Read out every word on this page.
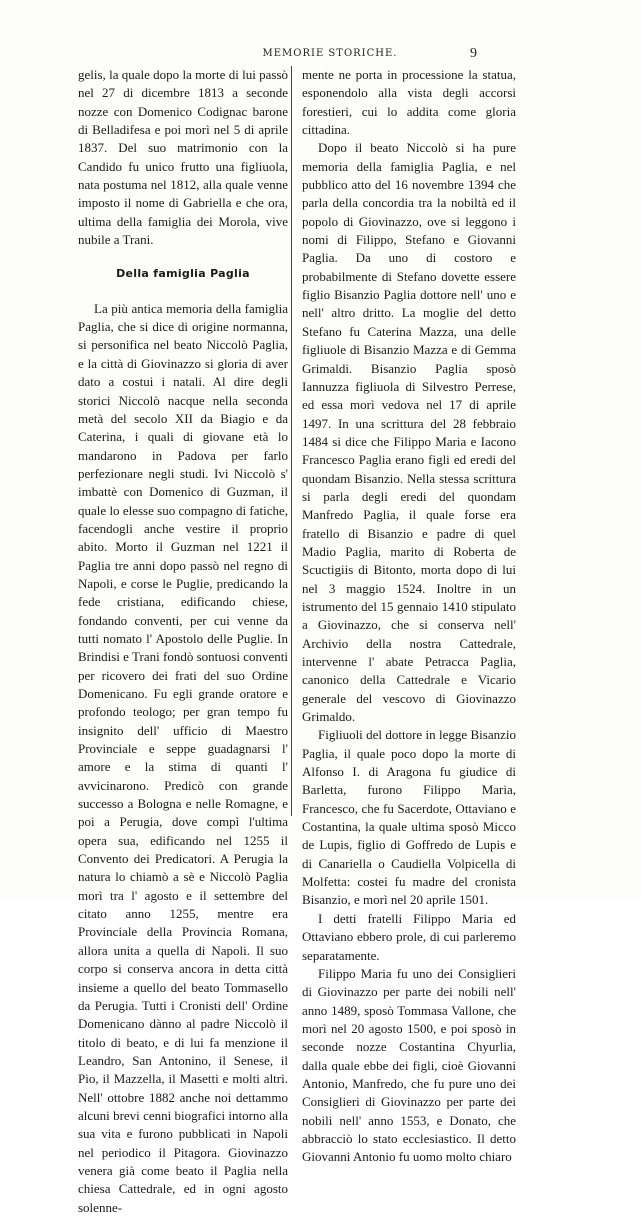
MEMORIE STORICHE.	9

gelis, la quale dopo la morte di lui passò nel 27 di dicembre 1813 a seconde nozze con Domenico Codignac barone di Belladifesa e poi morì nel 5 di aprile 1837. Del suo matrimonio con la Candido fu unico frutto una figliuola, nata postuma nel 1812, alla quale venne imposto il nome di Gabriella e che ora, ultima della famiglia dei Morola, vive nubile a Trani.

Della famiglia Paglia

La più antica memoria della famiglia Paglia, che si dice di origine normanna, si personifica nel beato Niccolò Paglia, e la città di Giovinazzo si gloria di aver dato a costui i natali. Al dire degli storici Niccolò nacque nella seconda metà del secolo XII da Biagio e da Caterina, i quali di giovane età lo mandarono in Padova per farlo perfezionare negli studi. Ivi Niccolò s' imbattè con Domenico di Guzman, il quale lo elesse suo compagno di fatiche, facendogli anche vestire il proprio abito. Morto il Guzman nel 1221 il Paglia tre anni dopo passò nel regno di Napoli, e corse le Puglie, predicando la fede cristiana, edificando chiese, fondando conventi, per cui venne da tutti nomato l' Apostolo delle Puglie. In Brindisi e Trani fondò sontuosi conventi per ricovero dei frati del suo Ordine Domenicano. Fu egli grande oratore e profondo teologo; per gran tempo fu insignito dell' ufficio di Maestro Provinciale e seppe guadagnarsi l' amore e la stima di quanti l' avvicinarono. Predicò con grande successo a Bologna e nelle Romagne, e poi a Perugia, dove compì l'ultima opera sua, edificando nel 1255 il Convento dei Predicatori. A Perugia la natura lo chiamò a sè e Niccolò Paglia morì tra l' agosto e il settembre del citato anno 1255, mentre era Provinciale della Provincia Romana, allora unita a quella di Napoli. Il suo corpo si conserva ancora in detta città insieme a quello del beato Tommasello da Perugia. Tutti i Cronisti dell' Ordine Domenicano dànno al padre Niccolò il titolo di beato, e di lui fa menzione il Leandro, San Antonino, il Senese, il Pio, il Mazzella, il Masetti e molti altri. Nell' ottobre 1882 anche noi dettammo alcuni brevi cenni biografici intorno alla sua vita e furono pubblicati in Napoli nel periodico il Pitagora. Giovinazzo venera già come beato il Paglia nella chiesa Cattedrale, ed in ogni agosto solenne-

mente ne porta in processione la statua, esponendolo alla vista degli accorsi forestieri, cui lo addita come gloria cittadina.

Dopo il beato Niccolò si ha pure memoria della famiglia Paglia, e nel pubblico atto del 16 novembre 1394 che parla della concordia tra la nobiltà ed il popolo di Giovinazzo, ove si leggono i nomi di Filippo, Stefano e Giovanni Paglia. Da uno di costoro e probabilmente di Stefano dovette essere figlio Bisanzio Paglia dottore nell' uno e nell' altro dritto. La moglie del detto Stefano fu Caterina Mazza, una delle figliuole di Bisanzio Mazza e di Gemma Grimaldi. Bisanzio Paglia sposò Iannuzza figliuola di Silvestro Perrese, ed essa morì vedova nel 17 di aprile 1497. In una scrittura del 28 febbraio 1484 si dice che Filippo Maria e Iacono Francesco Paglia erano figli ed eredi del quondam Bisanzio. Nella stessa scrittura si parla degli eredi del quondam Manfredo Paglia, il quale forse era fratello di Bisanzio e padre di quel Madio Paglia, marito di Roberta de Scuctigiis di Bitonto, morta dopo di lui nel 3 maggio 1524. Inoltre in un istrumento del 15 gennaio 1410 stipulato a Giovinazzo, che si conserva nell' Archivio della nostra Cattedrale, intervenne l' abate Petracca Paglia, canonico della Cattedrale e Vicario generale del vescovo di Giovinazzo Grimaldo.

Figliuoli del dottore in legge Bisanzio Paglia, il quale poco dopo la morte di Alfonso I. di Aragona fu giudice di Barletta, furono Filippo Maria, Francesco, che fu Sacerdote, Ottaviano e Costantina, la quale ultima sposò Micco de Lupis, figlio di Goffredo de Lupis e di Canariella o Caudiella Volpicella di Molfetta: costei fu madre del cronista Bisanzio, e morì nel 20 aprile 1501.

I detti fratelli Filippo Maria ed Ottaviano ebbero prole, di cui parleremo separatamente.

Filippo Maria fu uno dei Consiglieri di Giovinazzo per parte dei nobili nell' anno 1489, sposò Tommasa Vallone, che morì nel 20 agosto 1500, e poi sposò in seconde nozze Costantina Chyurlia, dalla quale ebbe dei figli, cioè Giovanni Antonio, Manfredo, che fu pure uno dei Consiglieri di Giovinazzo per parte dei nobili nell' anno 1553, e Donato, che abbracciò lo stato ecclesiastico. Il detto Giovanni Antonio fu uomo molto chiaro
